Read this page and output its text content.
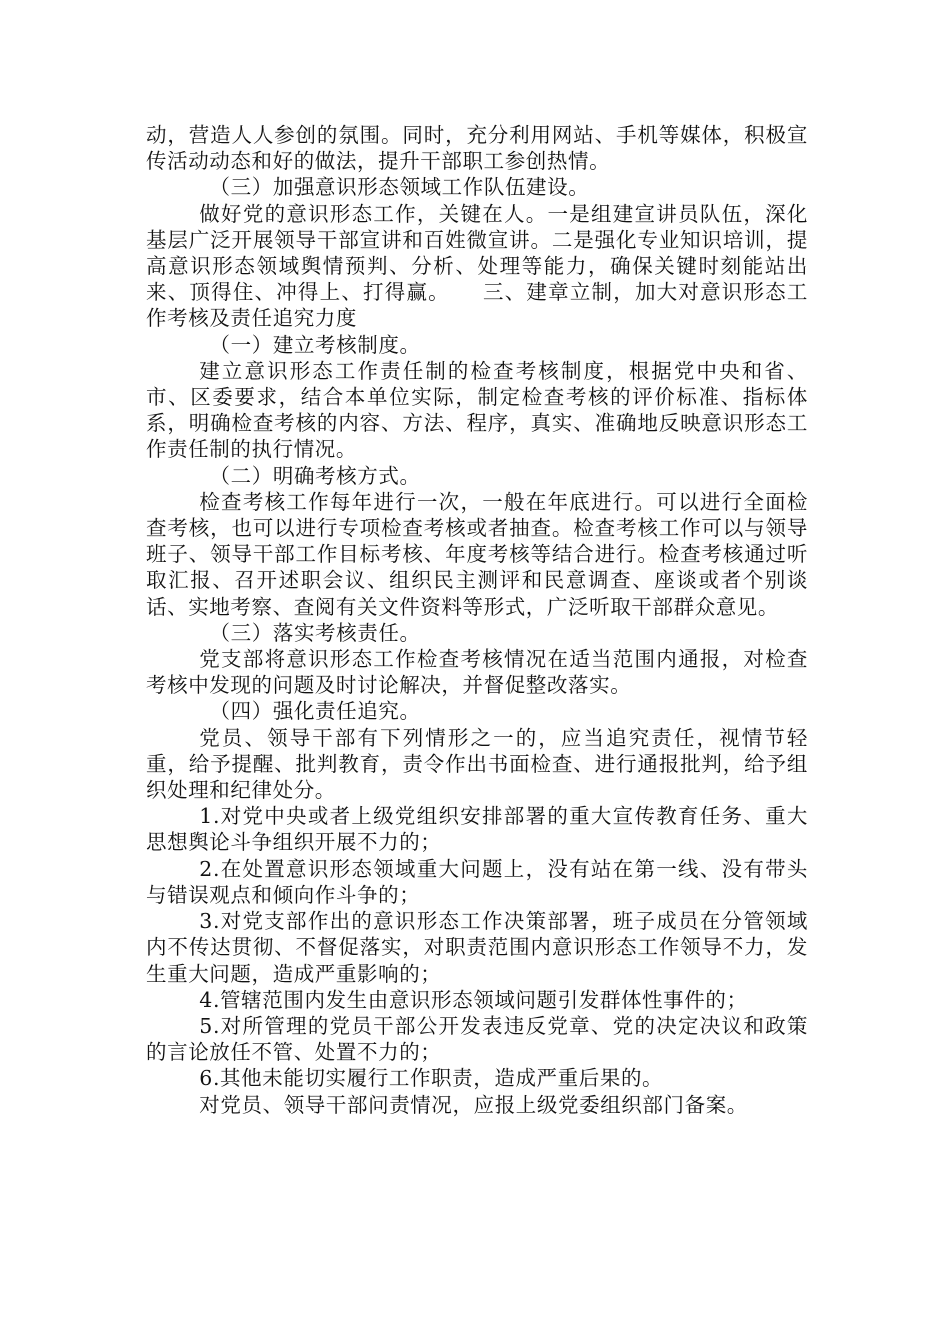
动，营造人人参创的氛围。同时，充分利用网站、手机等媒体，积极宣传活动动态和好的做法，提升干部职工参创热情。

（三）加强意识形态领域工作队伍建设。

做好党的意识形态工作，关键在人。一是组建宣讲员队伍，深化基层广泛开展领导干部宣讲和百姓微宣讲。二是强化专业知识培训，提高意识形态领域舆情预判、分析、处理等能力，确保关键时刻能站出来、顶得住、冲得上、打得赢。　　三、建章立制，加大对意识形态工作考核及责任追究力度

（一）建立考核制度。

建立意识形态工作责任制的检查考核制度，根据党中央和省、市、区委要求，结合本单位实际，制定检查考核的评价标准、指标体系，明确检查考核的内容、方法、程序，真实、准确地反映意识形态工作责任制的执行情况。

（二）明确考核方式。

检查考核工作每年进行一次，一般在年底进行。可以进行全面检查考核，也可以进行专项检查考核或者抽查。检查考核工作可以与领导班子、领导干部工作目标考核、年度考核等结合进行。检查考核通过听取汇报、召开述职会议、组织民主测评和民意调查、座谈或者个别谈话、实地考察、查阅有关文件资料等形式，广泛听取干部群众意见。

（三）落实考核责任。

党支部将意识形态工作检查考核情况在适当范围内通报，对检查考核中发现的问题及时讨论解决，并督促整改落实。

（四）强化责任追究。

党员、领导干部有下列情形之一的，应当追究责任，视情节轻重，给予提醒、批判教育，责令作出书面检查、进行通报批判，给予组织处理和纪律处分。

1.对党中央或者上级党组织安排部署的重大宣传教育任务、重大思想舆论斗争组织开展不力的；

2.在处置意识形态领域重大问题上，没有站在第一线、没有带头与错误观点和倾向作斗争的；

3.对党支部作出的意识形态工作决策部署，班子成员在分管领域内不传达贯彻、不督促落实，对职责范围内意识形态工作领导不力，发生重大问题，造成严重影响的；

4.管辖范围内发生由意识形态领域问题引发群体性事件的；

5.对所管理的党员干部公开发表违反党章、党的决定决议和政策的言论放任不管、处置不力的；

6.其他未能切实履行工作职责，造成严重后果的。

对党员、领导干部问责情况，应报上级党委组织部门备案。
